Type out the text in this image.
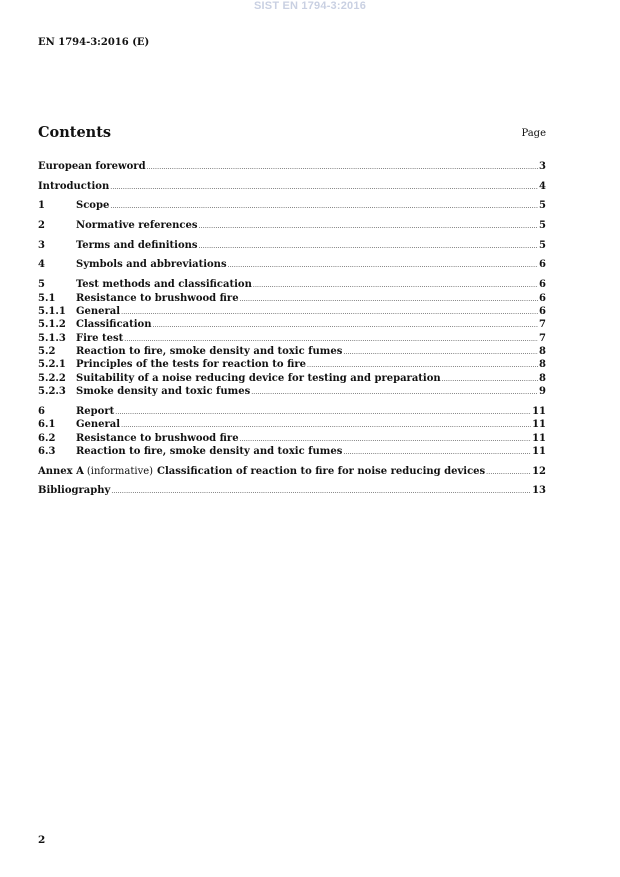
SIST EN 1794-3:2016
EN 1794-3:2016 (E)
Contents	Page
European foreword .....	3
Introduction .....	4
1	Scope .....	5
2	Normative references .....	5
3	Terms and definitions .....	5
4	Symbols and abbreviations .....	6
5	Test methods and classification .....	6
5.1	Resistance to brushwood fire .....	6
5.1.1	General .....	6
5.1.2	Classification .....	7
5.1.3	Fire test .....	7
5.2	Reaction to fire, smoke density and toxic fumes .....	8
5.2.1	Principles of the tests for reaction to fire .....	8
5.2.2	Suitability of a noise reducing device for testing and preparation .....	8
5.2.3	Smoke density and toxic fumes .....	9
6	Report .....	11
6.1	General .....	11
6.2	Resistance to brushwood fire .....	11
6.3	Reaction to fire, smoke density and toxic fumes .....	11
Annex A (informative) Classification of reaction to fire for noise reducing devices .....	12
Bibliography .....	13
2
